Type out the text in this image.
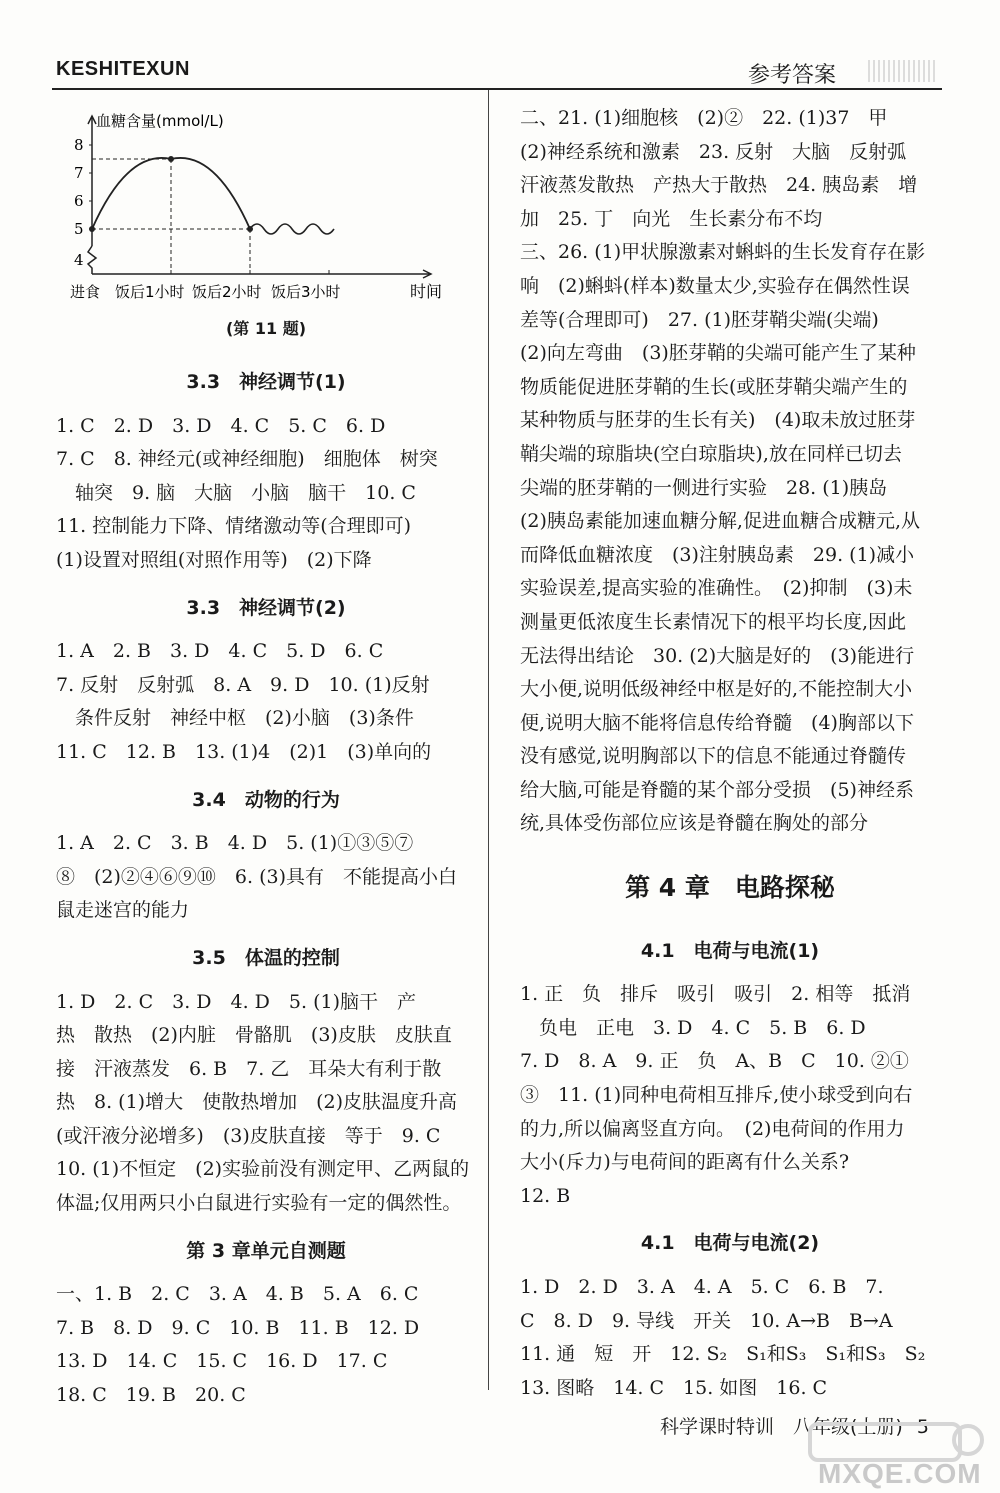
KESHITEXUN	参考答案
血糖含量(mmol/L)
时间
4
5
6
7
8
进食 饭后1小时 饭后2小时 饭后3小时
(第 11 题)
3.3　神经调节(1)

1. C　2. D　3. D　4. C　5. C　6. D

7. C　8. 神经元(或神经细胞)　细胞体　树突

　轴突　9. 脑　大脑　小脑　脑干　10. C

11. 控制能力下降、情绪激动等(合理即可)

(1)设置对照组(对照作用等)　(2)下降

3.3　神经调节(2)

1. A　2. B　3. D　4. C　5. D　6. C

7. 反射　反射弧　8. A　9. D　10. (1)反射

　条件反射　神经中枢　(2)小脑　(3)条件

11. C　12. B　13. (1)4　(2)1　(3)单向的

3.4　动物的行为

1. A　2. C　3. B　4. D　5. (1)①③⑤⑦

⑧　(2)②④⑥⑨⑩　6. (3)具有　不能提高小白

鼠走迷宫的能力

3.5　体温的控制

1. D　2. C　3. D　4. D　5. (1)脑干　产

热　散热　(2)内脏　骨骼肌　(3)皮肤　皮肤直

接　汗液蒸发　6. B　7. 乙　耳朵大有利于散

热　8. (1)增大　使散热增加　(2)皮肤温度升高

(或汗液分泌增多)　(3)皮肤直接　等于　9. C

10. (1)不恒定　(2)实验前没有测定甲、乙两鼠的

体温;仅用两只小白鼠进行实验有一定的偶然性。

第 3 章单元自测题

一、1. B　2. C　3. A　4. B　5. A　6. C

7. B　8. D　9. C　10. B　11. B　12. D

13. D　14. C　15. C　16. D　17. C

18. C　19. B　20. C

二、21. (1)细胞核　(2)②　22. (1)37　甲

(2)神经系统和激素　23. 反射　大脑　反射弧

汗液蒸发散热　产热大于散热　24. 胰岛素　增

加　25. 丁　向光　生长素分布不均

三、26. (1)甲状腺激素对蝌蚪的生长发育存在影

响　(2)蝌蚪(样本)数量太少,实验存在偶然性误

差等(合理即可)　27. (1)胚芽鞘尖端(尖端)

(2)向左弯曲　(3)胚芽鞘的尖端可能产生了某种

物质能促进胚芽鞘的生长(或胚芽鞘尖端产生的

某种物质与胚芽的生长有关)　(4)取未放过胚芽

鞘尖端的琼脂块(空白琼脂块),放在同样已切去

尖端的胚芽鞘的一侧进行实验　28. (1)胰岛

(2)胰岛素能加速血糖分解,促进血糖合成糖元,从

而降低血糖浓度　(3)注射胰岛素　29. (1)减小

实验误差,提高实验的准确性。　(2)抑制　(3)未

测量更低浓度生长素情况下的根平均长度,因此

无法得出结论　30. (2)大脑是好的　(3)能进行

大小便,说明低级神经中枢是好的,不能控制大小

便,说明大脑不能将信息传给脊髓　(4)胸部以下

没有感觉,说明胸部以下的信息不能通过脊髓传

给大脑,可能是脊髓的某个部分受损　(5)神经系

统,具体受伤部位应该是脊髓在胸处的部分

第 4 章　电路探秘
4.1　电荷与电流(1)

1. 正　负　排斥　吸引　吸引　2. 相等　抵消

　负电　正电　3. D　4. C　5. B　6. D

7. D　8. A　9. 正　负　A、B　C　10. ②①

③　11. (1)同种电荷相互排斥,使小球受到向右

的力,所以偏离竖直方向。　(2)电荷间的作用力

大小(斥力)与电荷间的距离有什么关系?

12. B

4.1　电荷与电流(2)

1. D　2. D　3. A　4. A　5. C　6. B　7.

C　8. D　9. 导线　开关　10. A→B　B→A

11. 通　短　开　12. S₂　S₁和S₃　S₁和S₃　S₂

13. 图略　14. C　15. 如图　16. C

科学课时特训　八年级(上册) 5
MXQE.COM
